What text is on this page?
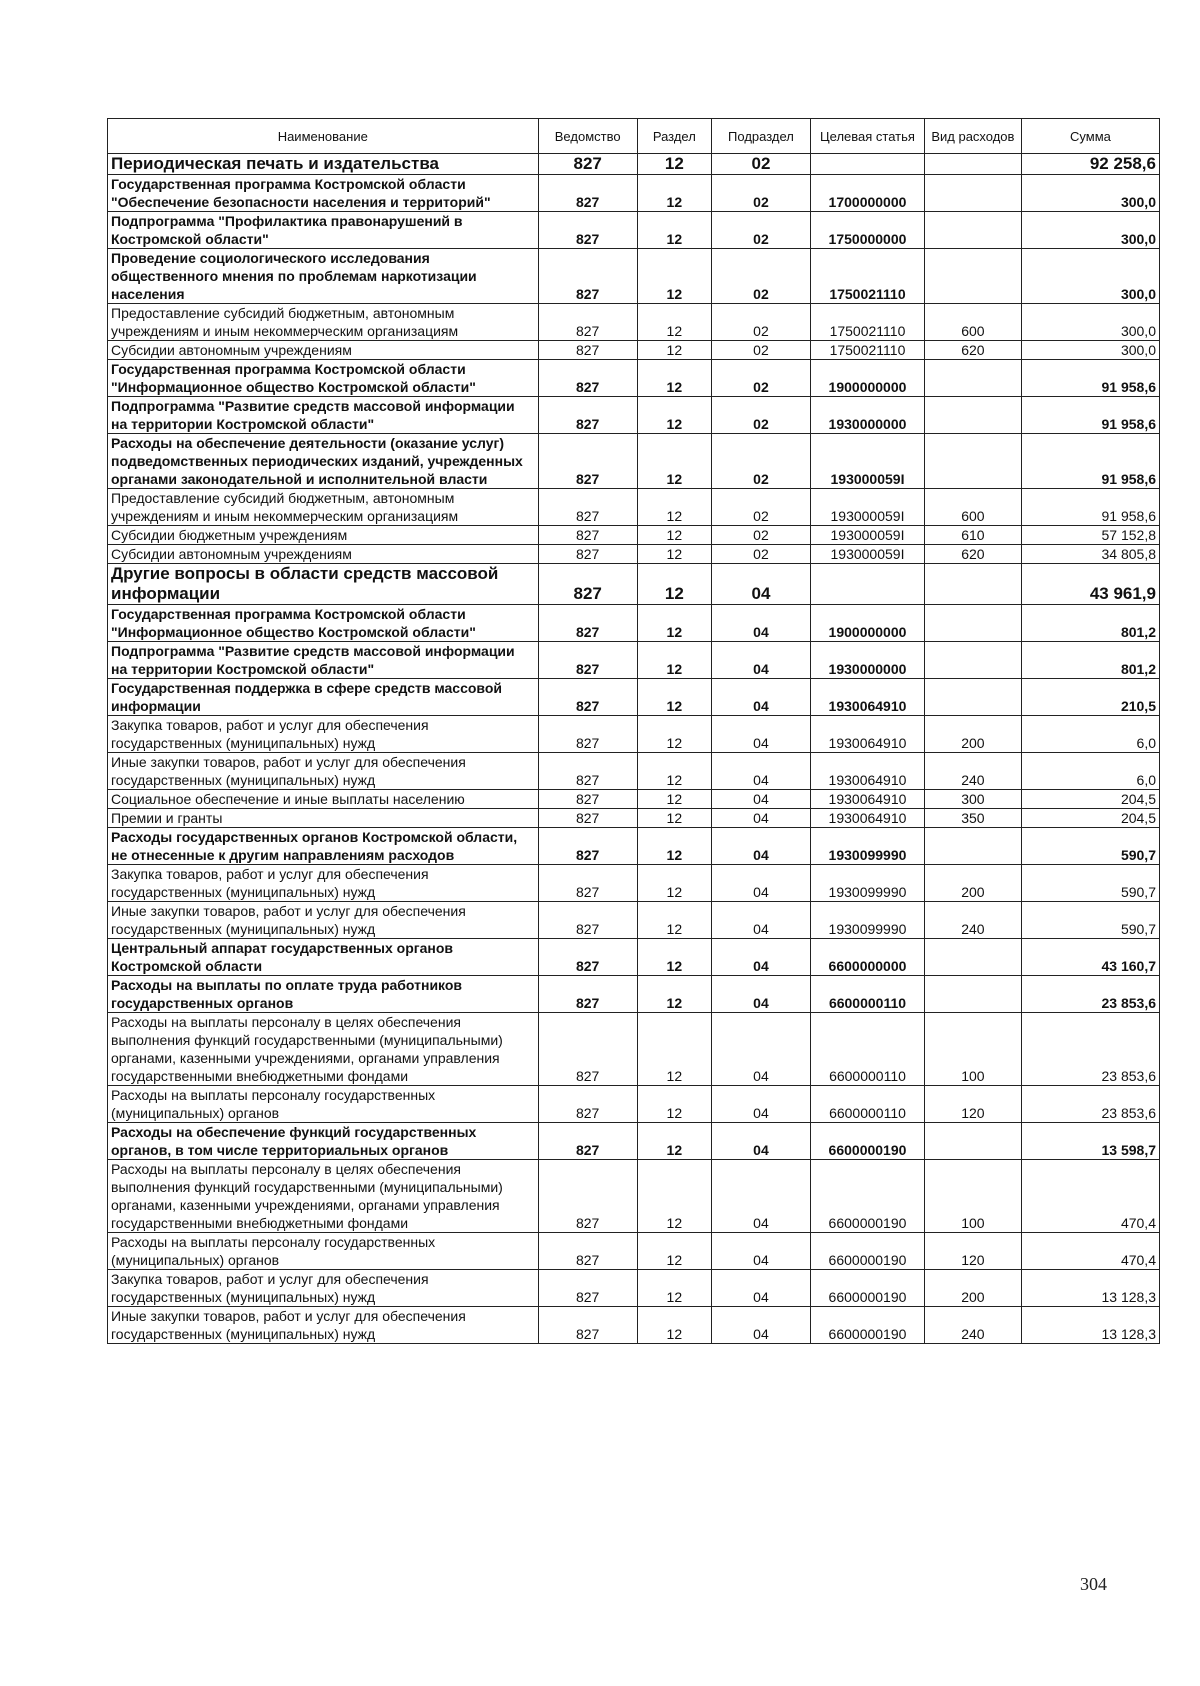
Наименование	Ведомство	Раздел	Подраздел	Целевая статья	Вид расходов	Сумма
Периодическая печать и издательства	827	12	02			92 258,6
Государственная программа Костромской области "Обеспечение безопасности населения и территорий"	827	12	02	1700000000		300,0
Подпрограмма "Профилактика правонарушений в Костромской области"	827	12	02	1750000000		300,0
Проведение социологического исследования общественного мнения по проблемам наркотизации населения	827	12	02	1750021110		300,0
Предоставление субсидий бюджетным, автономным учреждениям и иным некоммерческим организациям	827	12	02	1750021110	600	300,0
Субсидии автономным учреждениям	827	12	02	1750021110	620	300,0
Государственная программа Костромской области "Информационное общество Костромской области"	827	12	02	1900000000		91 958,6
Подпрограмма "Развитие средств массовой информации на территории Костромской области"	827	12	02	1930000000		91 958,6
Расходы на обеспечение деятельности (оказание услуг) подведомственных периодических изданий, учрежденных органами законодательной и исполнительной власти	827	12	02	193000059I		91 958,6
Предоставление субсидий бюджетным, автономным учреждениям и иным некоммерческим организациям	827	12	02	193000059I	600	91 958,6
Субсидии бюджетным учреждениям	827	12	02	193000059I	610	57 152,8
Субсидии автономным учреждениям	827	12	02	193000059I	620	34 805,8
Другие вопросы в области средств массовой информации	827	12	04			43 961,9
Государственная программа Костромской области "Информационное общество Костромской области"	827	12	04	1900000000		801,2
Подпрограмма "Развитие средств массовой информации на территории Костромской области"	827	12	04	1930000000		801,2
Государственная поддержка в сфере средств массовой информации	827	12	04	1930064910		210,5
Закупка товаров, работ и услуг для обеспечения государственных (муниципальных) нужд	827	12	04	1930064910	200	6,0
Иные закупки товаров, работ и услуг для обеспечения государственных (муниципальных) нужд	827	12	04	1930064910	240	6,0
Социальное обеспечение и иные выплаты населению	827	12	04	1930064910	300	204,5
Премии и гранты	827	12	04	1930064910	350	204,5
Расходы государственных органов Костромской области, не отнесенные к другим направлениям расходов	827	12	04	1930099990		590,7
Закупка товаров, работ и услуг для обеспечения государственных (муниципальных) нужд	827	12	04	1930099990	200	590,7
Иные закупки товаров, работ и услуг для обеспечения государственных (муниципальных) нужд	827	12	04	1930099990	240	590,7
Центральный аппарат государственных органов Костромской области	827	12	04	6600000000		43 160,7
Расходы на выплаты по оплате труда работников государственных органов	827	12	04	6600000110		23 853,6
Расходы на выплаты персоналу в целях обеспечения выполнения функций государственными (муниципальными) органами, казенными учреждениями, органами управления государственными внебюджетными фондами	827	12	04	6600000110	100	23 853,6
Расходы на выплаты персоналу государственных (муниципальных) органов	827	12	04	6600000110	120	23 853,6
Расходы на обеспечение функций государственных органов, в том числе территориальных органов	827	12	04	6600000190		13 598,7
Расходы на выплаты персоналу в целях обеспечения выполнения функций государственными (муниципальными) органами, казенными учреждениями, органами управления государственными внебюджетными фондами	827	12	04	6600000190	100	470,4
Расходы на выплаты персоналу государственных (муниципальных) органов	827	12	04	6600000190	120	470,4
Закупка товаров, работ и услуг для обеспечения государственных (муниципальных) нужд	827	12	04	6600000190	200	13 128,3
Иные закупки товаров, работ и услуг для обеспечения государственных (муниципальных) нужд	827	12	04	6600000190	240	13 128,3
304
